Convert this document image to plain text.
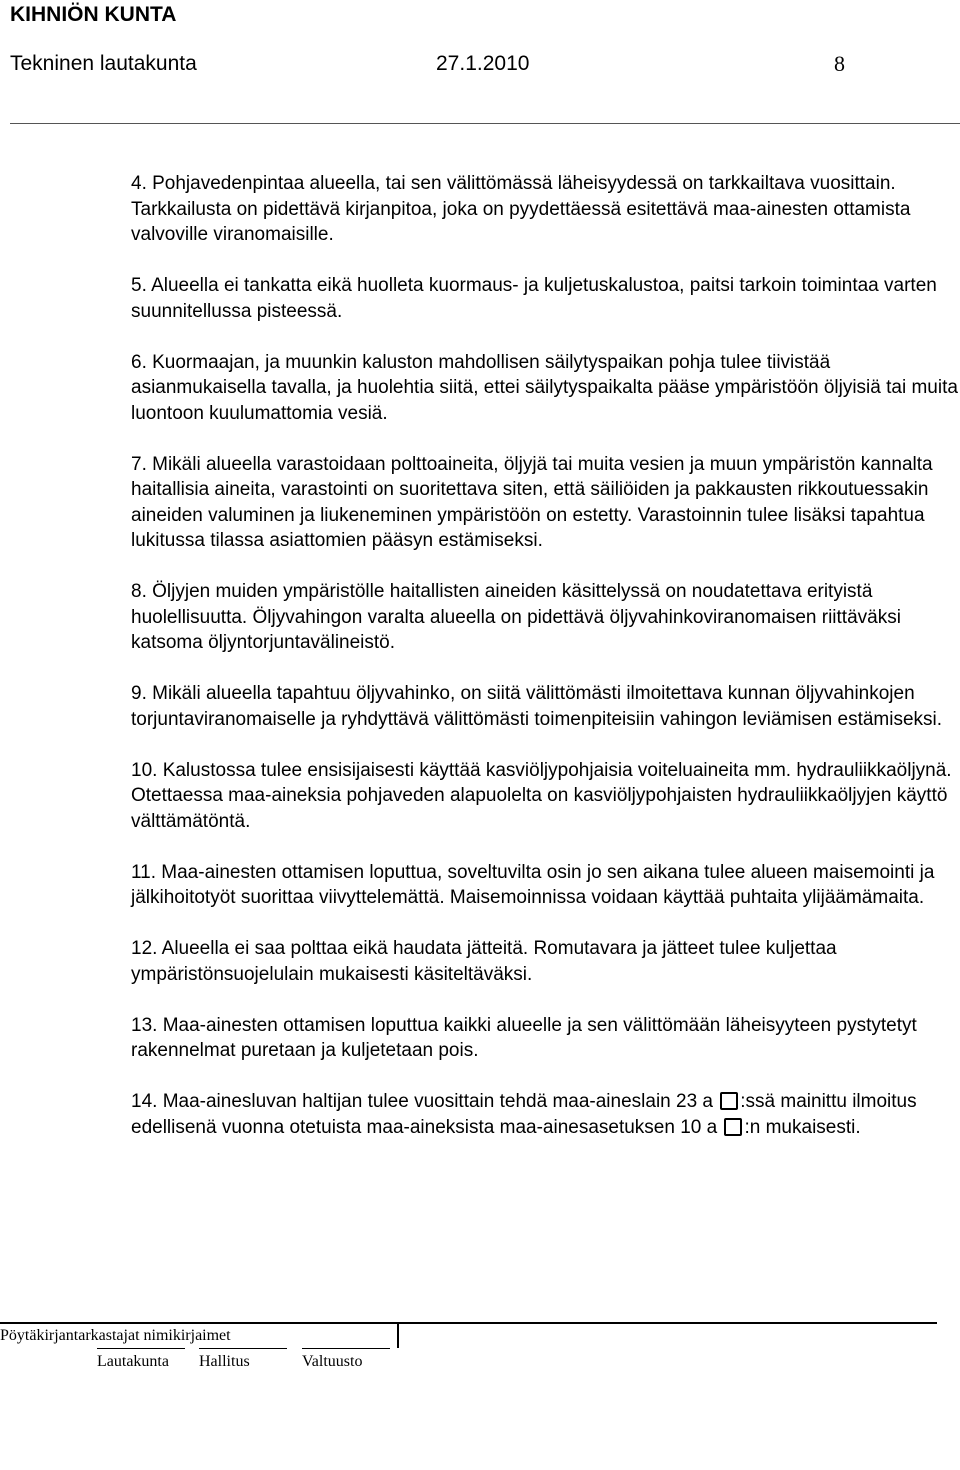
KIHNIÖN KUNTA
Tekninen lautakunta	27.1.2010	8

4. Pohjavedenpintaa alueella, tai sen välittömässä läheisyydessä on tarkkailtava vuosittain. Tarkkailusta on pidettävä kirjanpitoa, joka on pyydettäessä esitettävä maa-ainesten ottamista valvoville viranomaisille.

5. Alueella ei tankatta eikä huolleta kuormaus- ja kuljetuskalustoa, paitsi tarkoin toimintaa varten suunnitellussa pisteessä.

6. Kuormaajan, ja muunkin kaluston mahdollisen säilytyspaikan pohja tulee tiivistää asianmukaisella tavalla, ja huolehtia siitä, ettei säilytyspaikalta pääse ympäristöön öljyisiä tai muita luontoon kuulumattomia vesiä.

7. Mikäli alueella varastoidaan polttoaineita, öljyjä tai muita vesien ja muun ympäristön kannalta haitallisia aineita, varastointi on suoritettava siten, että säiliöiden ja pakkausten rikkoutuessakin aineiden valuminen ja liukeneminen ympäristöön on estetty. Varastoinnin tulee lisäksi tapahtua lukitussa tilassa asiattomien pääsyn estämiseksi.

8. Öljyjen muiden ympäristölle haitallisten aineiden käsittelyssä on noudatettava erityistä huolellisuutta. Öljyvahingon varalta alueella on pidettävä öljyvahinkoviranomaisen riittäväksi katsoma öljyntorjuntavälineistö.

9. Mikäli alueella tapahtuu öljyvahinko, on siitä välittömästi ilmoitettava kunnan öljyvahinkojen torjuntaviranomaiselle ja ryhdyttävä välittömästi toimenpiteisiin vahingon leviämisen estämiseksi.

10. Kalustossa tulee ensisijaisesti käyttää kasviöljypohjaisia voiteluaineita mm. hydrauliikkaöljynä. Otettaessa maa-aineksia pohjaveden alapuolelta on kasviöljypohjaisten hydrauliikkaöljyjen käyttö välttämätöntä.

11. Maa-ainesten ottamisen loputtua, soveltuvilta osin jo sen aikana tulee alueen maisemointi ja jälkihoitotyöt suorittaa viivyttelemättä. Maisemoinnissa voidaan käyttää puhtaita ylijäämämaita.

12. Alueella ei saa polttaa eikä haudata jätteitä. Romutavara ja jätteet tulee kuljettaa ympäristönsuojelulain mukaisesti käsiteltäväksi.

13. Maa-ainesten ottamisen loputtua kaikki alueelle ja sen välittömään läheisyyteen pystytetyt rakennelmat puretaan ja kuljetetaan pois.

14. Maa-ainesluvan haltijan tulee vuosittain tehdä maa-aineslain 23 a :ssä mainittu ilmoitus edellisenä vuonna otetuista maa-aineksista maa-ainesasetuksen 10 a :n mukaisesti.

Pöytäkirjantarkastajat nimikirjaimet
Lautakunta Hallitus	Valtuusto
